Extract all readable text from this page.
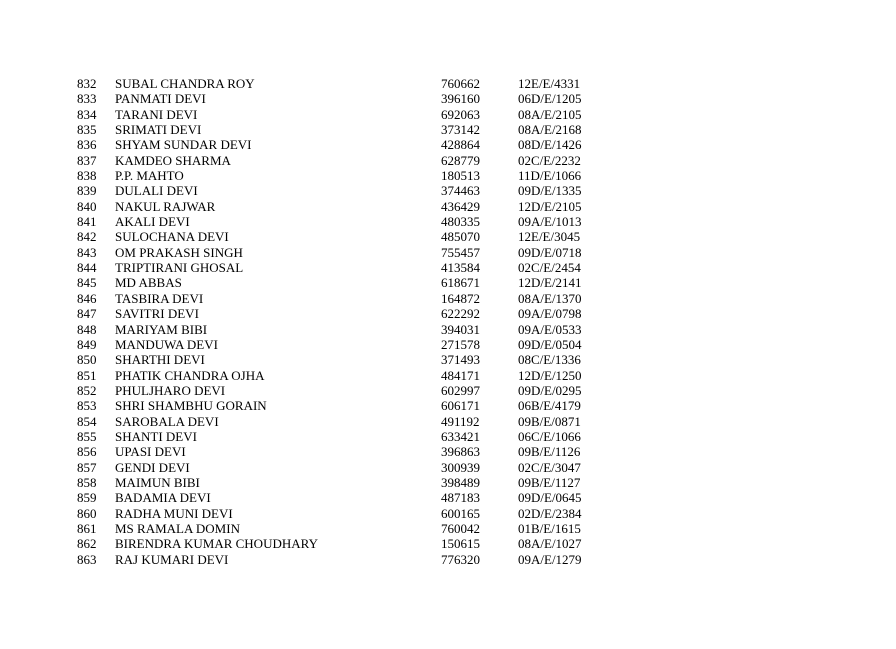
832 SUBAL CHANDRA ROY	760662	12E/E/4331
833 PANMATI DEVI	396160	06D/E/1205
834 TARANI DEVI	692063	08A/E/2105
835 SRIMATI DEVI	373142	08A/E/2168
836 SHYAM SUNDAR DEVI	428864	08D/E/1426
837 KAMDEO SHARMA	628779	02C/E/2232
838 P.P. MAHTO	180513	11D/E/1066
839 DULALI DEVI	374463	09D/E/1335
840 NAKUL RAJWAR	436429	12D/E/2105
841 AKALI DEVI	480335	09A/E/1013
842 SULOCHANA DEVI	485070	12E/E/3045
843 OM PRAKASH SINGH	755457	09D/E/0718
844 TRIPTIRANI GHOSAL	413584	02C/E/2454
845 MD ABBAS	618671	12D/E/2141
846 TASBIRA DEVI	164872	08A/E/1370
847 SAVITRI DEVI	622292	09A/E/0798
848 MARIYAM BIBI	394031	09A/E/0533
849 MANDUWA DEVI	271578	09D/E/0504
850 SHARTHI DEVI	371493	08C/E/1336
851 PHATIK CHANDRA OJHA	484171	12D/E/1250
852 PHULJHARO DEVI	602997	09D/E/0295
853 SHRI SHAMBHU GORAIN	606171	06B/E/4179
854 SAROBALA DEVI	491192	09B/E/0871
855 SHANTI DEVI	633421	06C/E/1066
856 UPASI DEVI	396863	09B/E/1126
857 GENDI DEVI	300939	02C/E/3047
858 MAIMUN BIBI	398489	09B/E/1127
859 BADAMIA DEVI	487183	09D/E/0645
860 RADHA MUNI DEVI	600165	02D/E/2384
861 MS RAMALA DOMIN	760042	01B/E/1615
862 BIRENDRA KUMAR CHOUDHARY	150615	08A/E/1027
863 RAJ KUMARI DEVI	776320	09A/E/1279
